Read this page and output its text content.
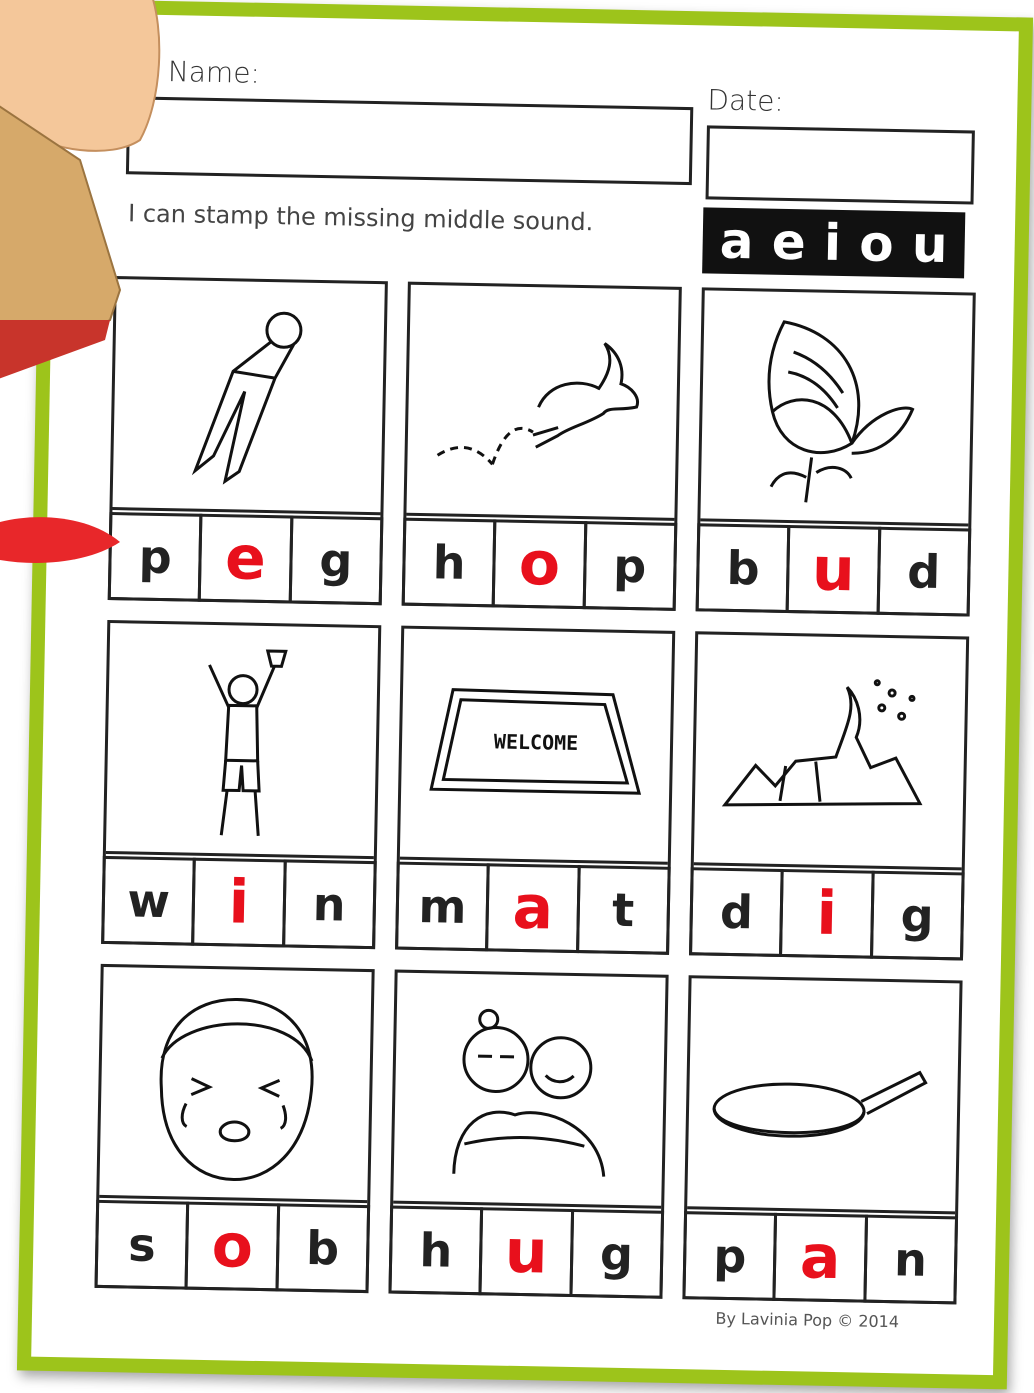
Name:
Date:
I can stamp the missing middle sound.	a e i o u
p e	g	h o	p	b u	d
w i	n
WELCOME
m a	t	d	i	g
s o	b	h u	g	p a	n
By Lavinia Pop © 2014
